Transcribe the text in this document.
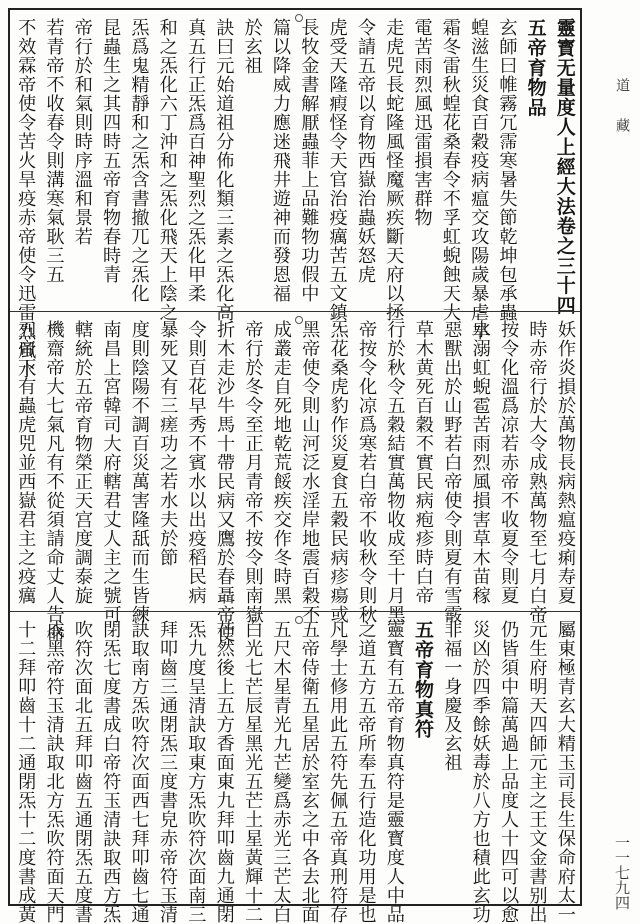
靈寳无量度人上經大法卷之三十四
五帝育物品
玄師曰帷霧冗霈寒暑失節乾坤包承蟲
蝗滋生災食百穀疫病瘟交攻陽歲暴虐旱
霜冬雷秋蝗花桑春令不孚虹蜺蝕天大
電苦雨烈風迅雷損害群物
走虎兕長蛇隆風怪魔厥疾斷天府以拯
令請五帝以育物西嶽治蟲妖怒虎
虎受天隆瘕怪令天官治疫癘苦五文鎮
長牧金書解厭蟲菲上品難物功假中
篇以降威力應迷飛井遊神而發恩福
於玄祖
訣曰元始道祖分佈化類三素之炁化高
真五行正炁爲百神聖烈之炁化甲柔
和之炁化六丁沖和之炁化飛天上陰之
炁爲鬼精靜和之炁含書撤兀之炁化
昆蟲生之其四時五帝育物春時青
帝行於和氣則時序溫和景若
若青帝不收春令則溝寒氣耿三五
不效霖帝使令苦火旱疫赤帝使令迅雷烈風水
妖作炎損於萬物長病熱瘟疫痢寿夏
時赤帝行於大令成熟萬物至七月白帝
按令化溫爲凉若赤帝不收夏令則夏
水溺虹蜺雹苦雨烈風損害草木苗稼
惡獸出於山野若白帝使令則夏有雪霰
草木黄死百穀不實民病疱疹時白帝
行於秋令五穀結實萬物收成至十月黑
帝按令化凉爲寒若白帝不收秋令則秋
炁花桑虎豹作災夏食五穀民病疹瘍或
黑帝使令則山河泛水淫岸地震百穀不
成叢走自死地乾荒餒疾交作冬時黑
帝行於冬令至正月青帝不按令則南嶽
折木走沙牛馬十帶民病又鷹於春聶帝使
令則百花早秀不賓水以出疫稻民病
暴死又有三瘥功之若水夫於節
度則陰陽不調百災萬害隆舐而生皆練
南昌上宮韓司大府轄君丈人主之號可
轄統於五帝育物榮正天宫度調泰旋
機齋帝大七氣凡有不從須請命丈人告命
五帝下有蟲虎兕並西嶽君主之疫癘
屬東極青玄大精玉司長生保命府太一
元生府明天四師元主之王文金書别出
仍皆須中篇萬過上品度人十四可以愈
災凶於四季餘妖毒於八方也積此玄功
非福一身慶及玄祖
五帝育物真符
靈寳有五帝育物真符是靈寳度人中品
之道五方五帝所奉五行造化功用是也
凡學士修用此五符先佩五帝真刑符存
五帝侍衛五星居於室玄之中各去北面
五尺木星青光九芒變爲赤光三芒太白
白光七芒辰星黑光五芒土星黃輝十二
芒然後上五方香面東九拜叩齒九通閉
炁九度呈清訣取東方炁吹符次面南三
拜叩齒三通閉炁三度書皃赤帝符玉清
訣取南方炁吹符次面西七拜叩齒七通
閉炁七度書成白帝符玉清訣取西方炁
吹符次面北五拜叩齒五通閉炁五度書
成黑帝符玉清訣取北方炁吹符面天門
十二拜叩齒十二通閉炁十二度書成黃
道
藏
一一七九四
